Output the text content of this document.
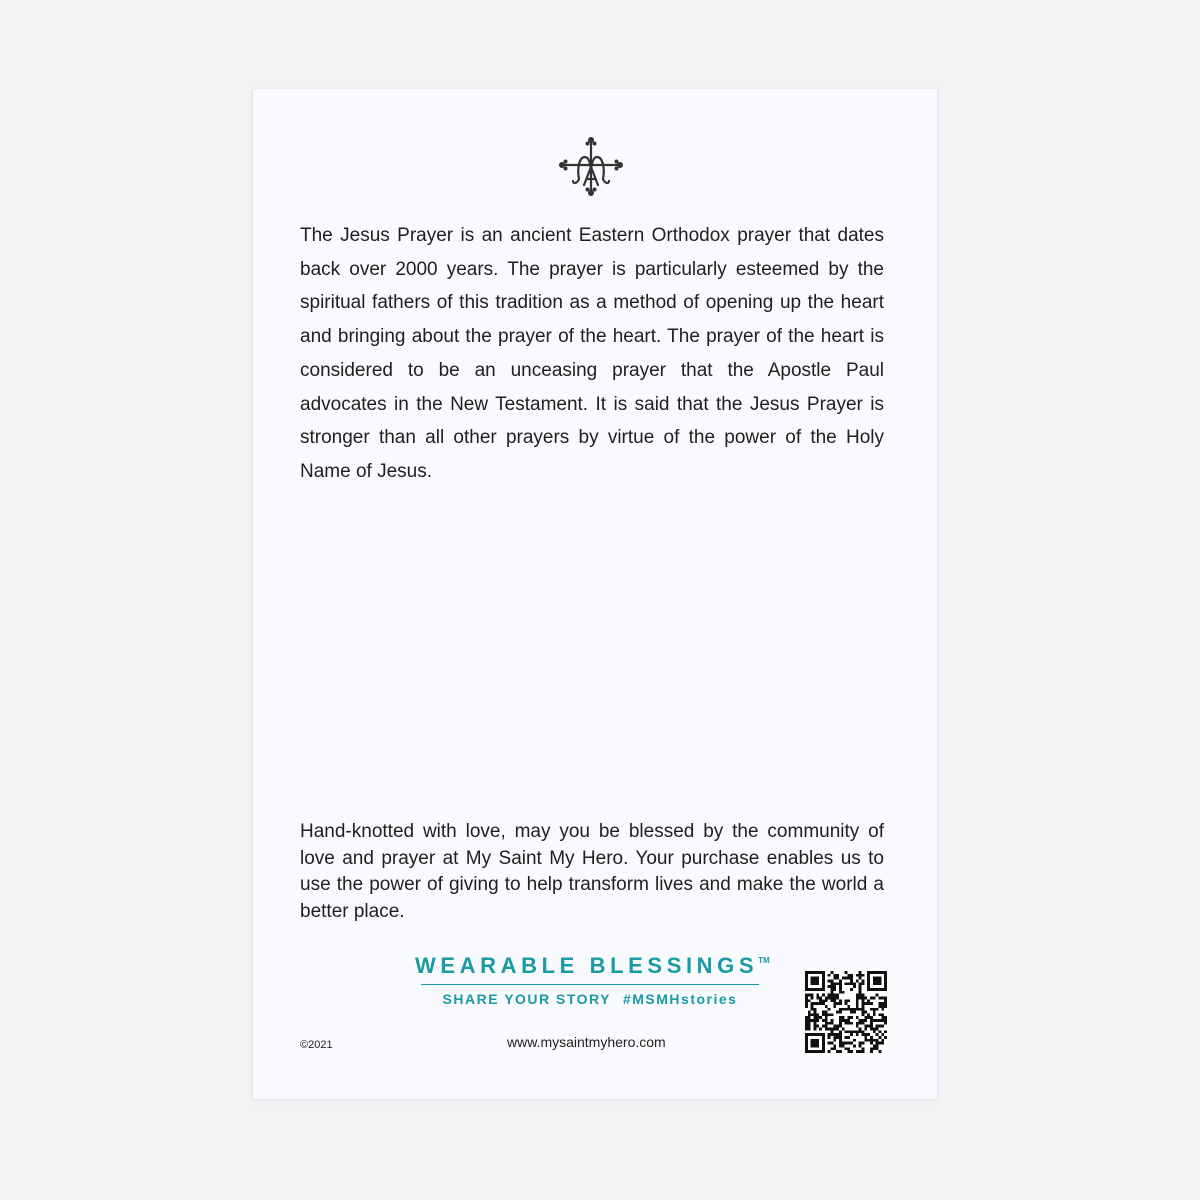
The Jesus Prayer is an ancient Eastern Orthodox prayer that dates back over 2000 years. The prayer is particularly esteemed by the spiritual fathers of this tradition as a method of opening up the heart and bringing about the prayer of the heart. The prayer of the heart is considered to be an unceasing prayer that the Apostle Paul advocates in the New Testament. It is said that the Jesus Prayer is stronger than all other prayers by virtue of the power of the Holy Name of Jesus.

Hand-knotted with love, may you be blessed by the community of love and prayer at My Saint My Hero. Your purchase enables us to use the power of giving to help transform lives and make the world a better place.

WEARABLE BLESSINGS™
SHARE YOUR STORY #MSMHstories
©2021	www.mysaintmyhero.com
